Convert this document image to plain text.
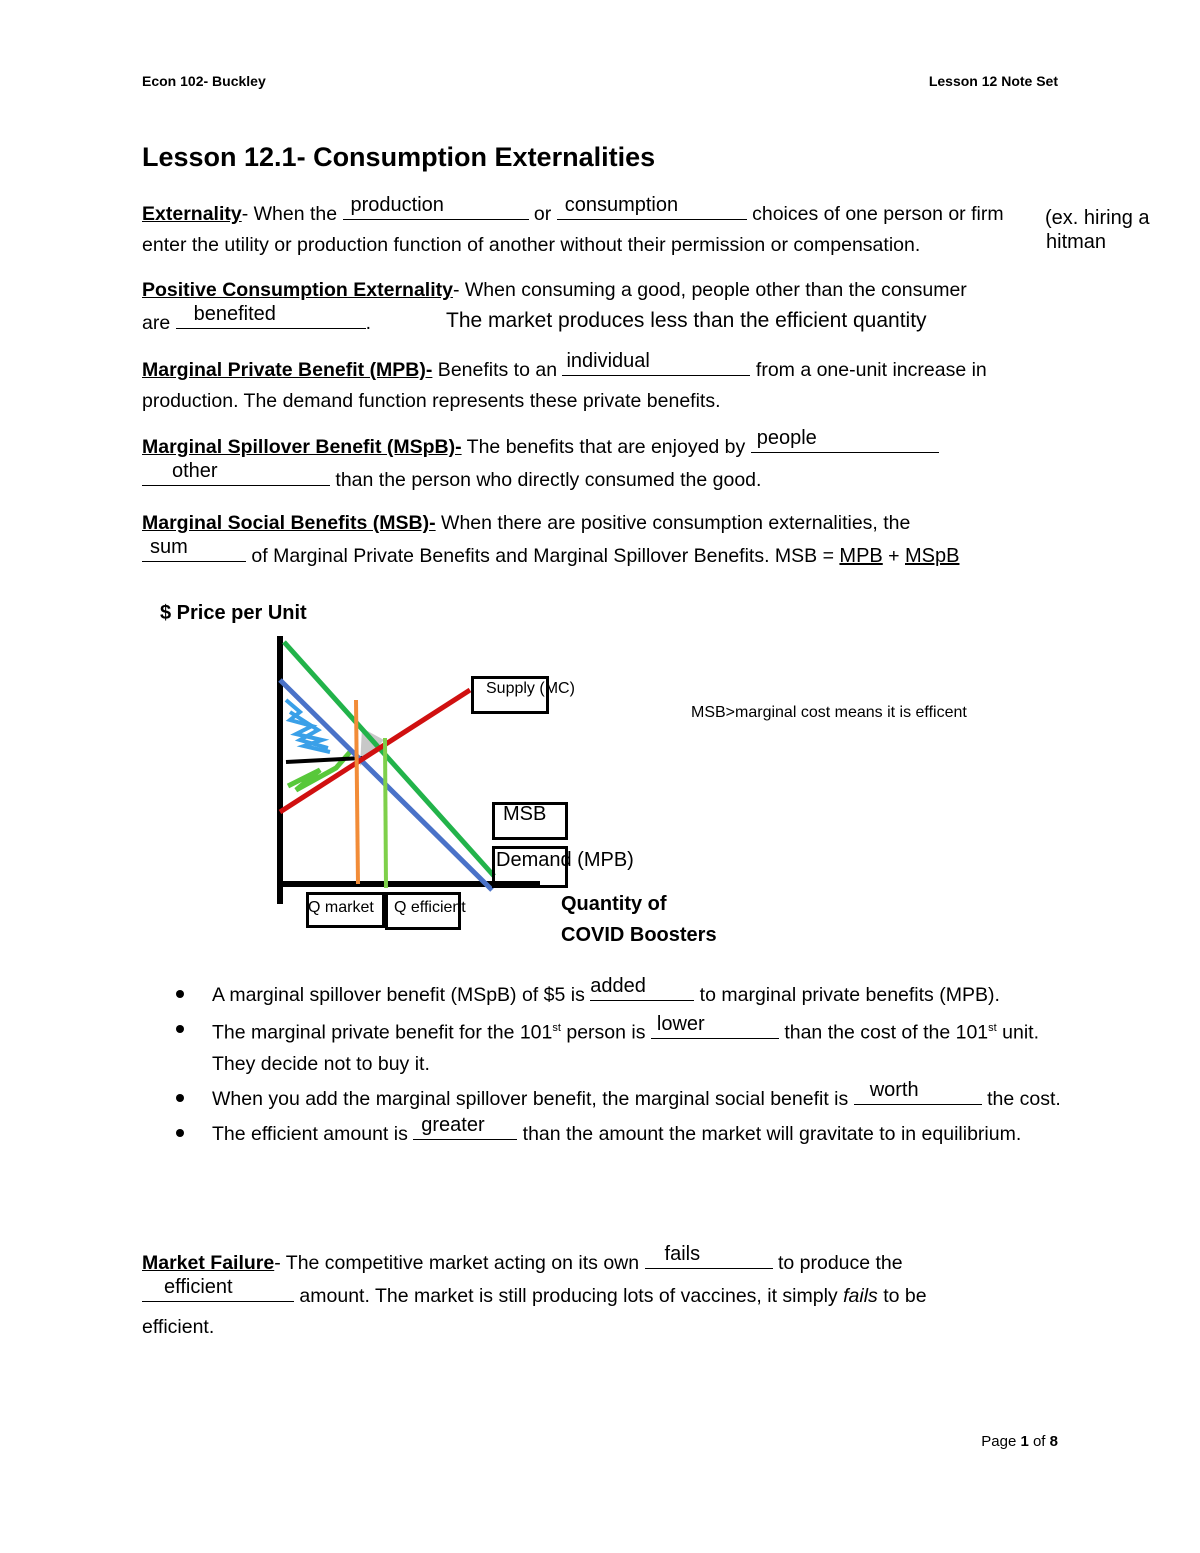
Econ 102- Buckley	Lesson 12 Note Set
Lesson 12.1- Consumption Externalities
Externality- When the production	or consumption	choices of one person or firm
enter the utility or production function of another without their permission or compensation.
(ex. hiring a
hitman
Positive Consumption Externality- When consuming a good, people other than the consumer
are benefited	.	The market produces less than the efficient quantity
Marginal Private Benefit (MPB)- Benefits to an individual	from a one-unit increase in
production. The demand function represents these private benefits.
Marginal Spillover Benefit (MSpB)- The benefits that are enjoyed by people

other	than the person who directly consumed the good.
Marginal Social Benefits (MSB)- When there are positive consumption externalities, the

sum	of Marginal Private Benefits and Marginal Spillover Benefits. MSB = MPB + MSpB
$ Price per Unit
Supply (MC)
MSB
Demand (MPB)
Q market Q efficient	Quantity of
COVID Boosters
MSB>marginal cost means it is efficent
A marginal spillover benefit (MSpB) of $5 is added to marginal private benefits (MPB).
The marginal private benefit for the 101st person is lower	than the cost of the 101st unit. They decide not to buy it.
When you add the marginal spillover benefit, the marginal social benefit is worth	the cost.
The efficient amount is greater than the amount the market will gravitate to in equilibrium.
Market Failure- The competitive market acting on its own fails	to produce the

efficient	amount. The market is still producing lots of vaccines, it simply fails to be
efficient.
Page 1 of 8
